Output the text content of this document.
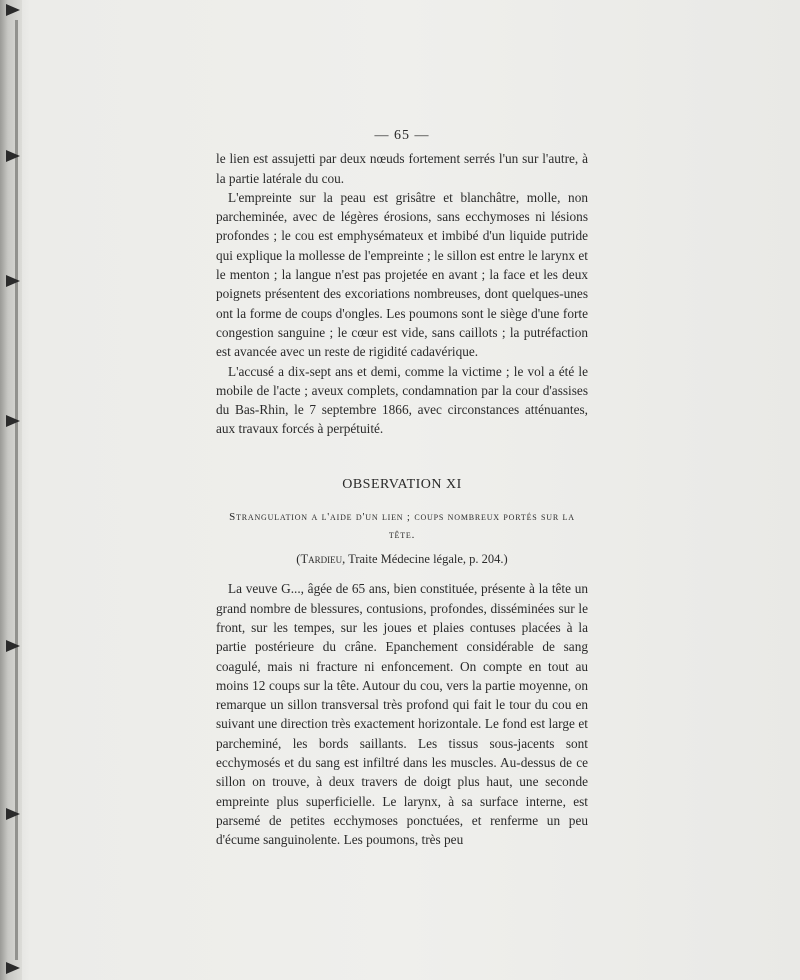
— 65 —

le lien est assujetti par deux nœuds fortement serrés l'un sur l'autre, à la partie latérale du cou.

L'empreinte sur la peau est grisâtre et blanchâtre, molle, non parcheminée, avec de légères érosions, sans ecchymoses ni lésions profondes ; le cou est emphysémateux et imbibé d'un liquide putride qui explique la mollesse de l'empreinte ; le sillon est entre le larynx et le menton ; la langue n'est pas projetée en avant ; la face et les deux poignets présentent des excoriations nombreuses, dont quelques-unes ont la forme de coups d'ongles. Les poumons sont le siège d'une forte congestion sanguine ; le cœur est vide, sans caillots ; la putréfaction est avancée avec un reste de rigidité cadavérique.

L'accusé a dix-sept ans et demi, comme la victime ; le vol a été le mobile de l'acte ; aveux complets, condamnation par la cour d'assises du Bas-Rhin, le 7 septembre 1866, avec circonstances atténuantes, aux travaux forcés à perpétuité.

OBSERVATION XI
Strangulation a l'aide d'un lien ; coups nombreux portés sur la tête.
(Tardieu, Traite Médecine légale, p. 204.)

La veuve G..., âgée de 65 ans, bien constituée, présente à la tête un grand nombre de blessures, contusions, profondes, disséminées sur le front, sur les tempes, sur les joues et plaies contuses placées à la partie postérieure du crâne. Epanchement considérable de sang coagulé, mais ni fracture ni enfoncement. On compte en tout au moins 12 coups sur la tête. Autour du cou, vers la partie moyenne, on remarque un sillon transversal très profond qui fait le tour du cou en suivant une direction très exactement horizontale. Le fond est large et parcheminé, les bords saillants. Les tissus sous-jacents sont ecchymosés et du sang est infiltré dans les muscles. Au-dessus de ce sillon on trouve, à deux travers de doigt plus haut, une seconde empreinte plus superficielle. Le larynx, à sa surface interne, est parsemé de petites ecchymoses ponctuées, et renferme un peu d'écume sanguinolente. Les poumons, très peu
